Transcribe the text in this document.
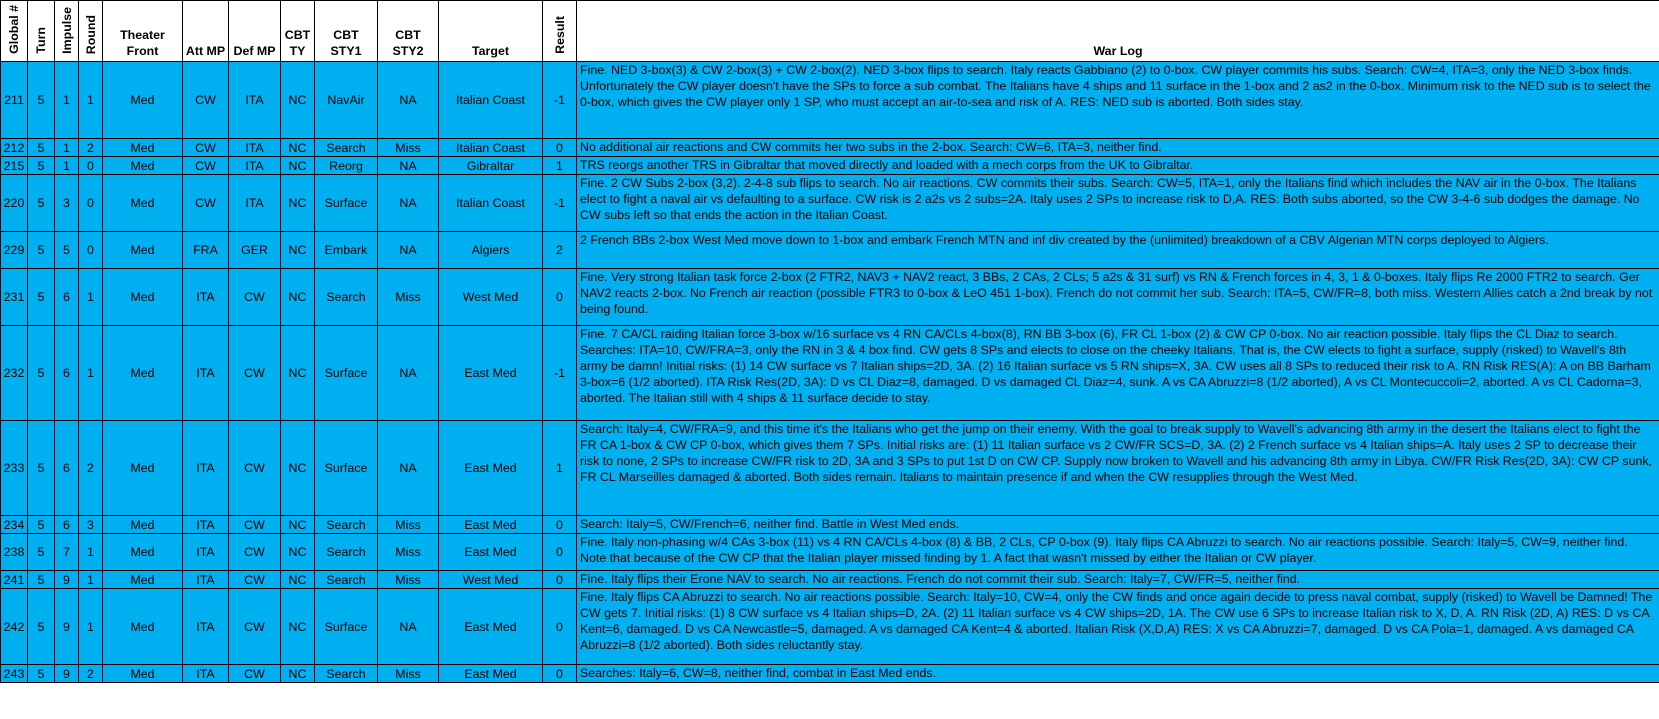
Global #	Turn	Impulse	Round	Theater Front	Att MP	Def MP	CBT TY	CBT STY1	CBT STY2	Target	Result	War Log
211	5	1	1	Med	CW	ITA	NC	NavAir	NA	Italian Coast	-1	Fine. NED 3-box(3) & CW 2-box(3) + CW 2-box(2). NED 3-box flips to search. Italy reacts Gabbiano (2) to 0-box. CW player commits his subs. Search: CW=4, ITA=3, only the NED 3-box finds. Unfortunately the CW player doesn't have the SPs to force a sub combat. The Italians have 4 ships and 11 surface in the 1-box and 2 as2 in the 0-box. Minimum risk to the NED sub is to select the 0-box, which gives the CW player only 1 SP, who must accept an air-to-sea and risk of A. RES: NED sub is aborted. Both sides stay.
212	5	1	2	Med	CW	ITA	NC	Search	Miss	Italian Coast	0	No additional air reactions and CW commits her two subs in the 2-box. Search: CW=6, ITA=3, neither find.
215	5	1	0	Med	CW	ITA	NC	Reorg	NA	Gibraltar	1	TRS reorgs another TRS in Gibraltar that moved directly and loaded with a mech corps from the UK to Gibraltar.
220	5	3	0	Med	CW	ITA	NC	Surface	NA	Italian Coast	-1	Fine. 2 CW Subs 2-box (3,2). 2-4-8 sub flips to search. No air reactions. CW commits their subs. Search: CW=5, ITA=1, only the Italians find which includes the NAV air in the 0-box. The Italians elect to fight a naval air vs defaulting to a surface. CW risk is 2 a2s vs 2 subs=2A. Italy uses 2 SPs to increase risk to D,A. RES: Both subs aborted, so the CW 3-4-6 sub dodges the damage. No CW subs left so that ends the action in the Italian Coast.
229	5	5	0	Med	FRA	GER	NC	Embark	NA	Algiers	2	2 French BBs 2-box West Med move down to 1-box and embark French MTN and inf div created by the (unlimited) breakdown of a CBV Algerian MTN corps deployed to Algiers.
231	5	6	1	Med	ITA	CW	NC	Search	Miss	West Med	0	Fine. Very strong Italian task force 2-box (2 FTR2, NAV3 + NAV2 react, 3 BBs, 2 CAs, 2 CLs; 5 a2s & 31 surf) vs RN & French forces in 4, 3, 1 & 0-boxes. Italy flips Re 2000 FTR2 to search. Ger NAV2 reacts 2-box. No French air reaction (possible FTR3 to 0-box & LeO 451 1-box). French do not commit her sub. Search: ITA=5, CW/FR=8, both miss. Western Allies catch a 2nd break by not being found.
232	5	6	1	Med	ITA	CW	NC	Surface	NA	East Med	-1	Fine. 7 CA/CL raiding Italian force 3-box w/16 surface vs 4 RN CA/CLs 4-box(8), RN BB 3-box (6), FR CL 1-box (2) & CW CP 0-box. No air reaction possible. Italy flips the CL Diaz to search. Searches: ITA=10, CW/FRA=3, only the RN in 3 & 4 box find. CW gets 8 SPs and elects to close on the cheeky Italians. That is, the CW elects to fight a surface, supply (risked) to Wavell's 8th army be damn! Initial risks: (1) 14 CW surface vs 7 Italian ships=2D, 3A. (2) 16 Italian surface vs 5 RN ships=X, 3A. CW uses all 8 SPs to reduced their risk to A. RN Risk RES(A): A on BB Barham 3-box=6 (1/2 aborted). ITA Risk Res(2D, 3A): D vs CL Diaz=8, damaged. D vs damaged CL Diaz=4, sunk. A vs CA Abruzzi=8 (1/2 aborted), A vs CL Montecuccoli=2, aborted. A vs CL Cadorna=3, aborted. The Italian still with 4 ships & 11 surface decide to stay.
233	5	6	2	Med	ITA	CW	NC	Surface	NA	East Med	1	Search: Italy=4, CW/FRA=9, and this time it's the Italians who get the jump on their enemy. With the goal to break supply to Wavell's advancing 8th army in the desert the Italians elect to fight the FR CA 1-box & CW CP 0-box, which gives them 7 SPs. Initial risks are: (1) 11 Italian surface vs 2 CW/FR SCS=D, 3A. (2) 2 French surface vs 4 Italian ships=A. Italy uses 2 SP to decrease their risk to none, 2 SPs to increase CW/FR risk to 2D, 3A and 3 SPs to put 1st D on CW CP. Supply now broken to Wavell and his advancing 8th army in Libya. CW/FR Risk Res(2D, 3A): CW CP sunk, FR CL Marseilles damaged & aborted. Both sides remain. Italians to maintain presence if and when the CW resupplies through the West Med.
234	5	6	3	Med	ITA	CW	NC	Search	Miss	East Med	0	Search: Italy=5, CW/French=6, neither find. Battle in West Med ends.
238	5	7	1	Med	ITA	CW	NC	Search	Miss	East Med	0	Fine. Italy non-phasing w/4 CAs 3-box (11) vs 4 RN CA/CLs 4-box (8) & BB, 2 CLs, CP 0-box (9). Italy flips CA Abruzzi to search. No air reactions possible. Search: Italy=5, CW=9, neither find. Note that because of the CW CP that the Italian player missed finding by 1. A fact that wasn't missed by either the Italian or CW player.
241	5	9	1	Med	ITA	CW	NC	Search	Miss	West Med	0	Fine. Italy flips their Erone NAV to search. No air reactions. French do not commit their sub. Search: Italy=7, CW/FR=5, neither find.
242	5	9	1	Med	ITA	CW	NC	Surface	NA	East Med	0	Fine. Italy flips CA Abruzzi to search. No air reactions possible. Search: Italy=10, CW=4, only the CW finds and once again decide to press naval combat, supply (risked) to Wavell be Damned! The CW gets 7. Initial risks: (1) 8 CW surface vs 4 Italian ships=D, 2A. (2) 11 Italian surface vs 4 CW ships=2D, 1A. The CW use 6 SPs to increase Italian risk to X, D, A. RN Risk (2D, A) RES: D vs CA Kent=6, damaged. D vs CA Newcastle=5, damaged. A vs damaged CA Kent=4 & aborted. Italian Risk (X,D,A) RES: X vs CA Abruzzi=7, damaged. D vs CA Pola=1, damaged. A vs damaged CA Abruzzi=8 (1/2 aborted). Both sides reluctantly stay.
243	5	9	2	Med	ITA	CW	NC	Search	Miss	East Med	0	Searches: Italy=6, CW=8, neither find, combat in East Med ends.
